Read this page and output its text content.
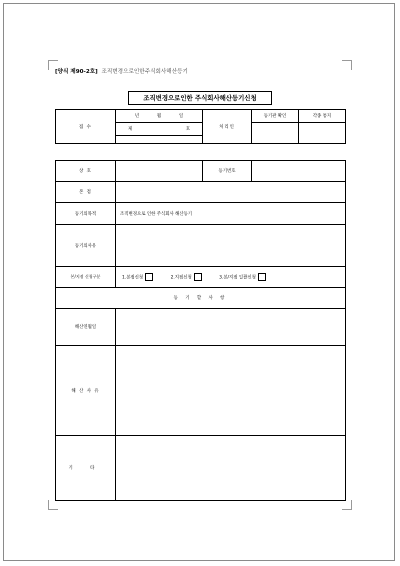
[양식 제90-2호] 조직변경으로인한주식회사해산등기
조직변경으로인한 주식회사해산등기신청
접 수	년 월 일	처리인	등기관 확인	각종 통지

	제 호			

상 호		등기번호	
본 점			
등기의목적	조직변경으로 인한 주식회사 해산등기		
등기의사유			
본/지점 신청구분	1.본점신청 2.지점신청 3.본/지점 일괄신청		
등 기 할 사 항			
해산연월일	
해 산 사 유	
기 타	
